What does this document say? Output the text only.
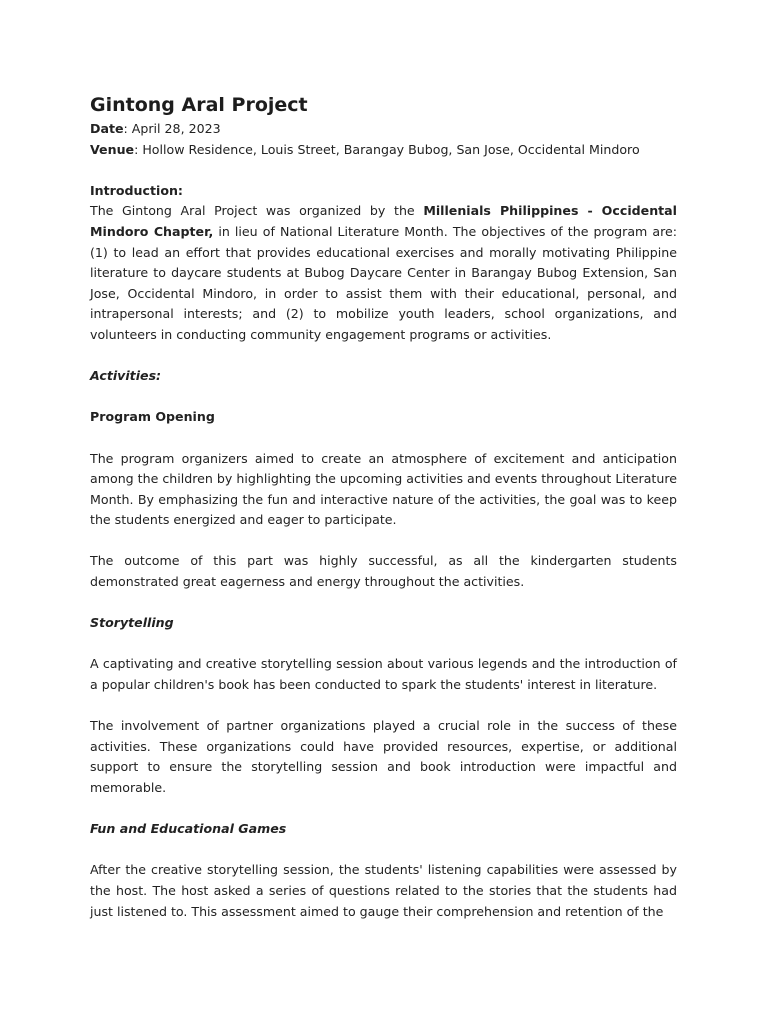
Gintong Aral Project

Date: April 28, 2023

Venue: Hollow Residence, Louis Street, Barangay Bubog, San Jose, Occidental Mindoro

Introduction:

The Gintong Aral Project was organized by the Millenials Philippines - Occidental Mindoro Chapter, in lieu of National Literature Month. The objectives of the program are: (1) to lead an effort that provides educational exercises and morally motivating Philippine literature to daycare students at Bubog Daycare Center in Barangay Bubog Extension, San Jose, Occidental Mindoro, in order to assist them with their educational, personal, and intrapersonal interests; and (2) to mobilize youth leaders, school organizations, and volunteers in conducting community engagement programs or activities.

Activities:

Program Opening

The program organizers aimed to create an atmosphere of excitement and anticipation among the children by highlighting the upcoming activities and events throughout Literature Month. By emphasizing the fun and interactive nature of the activities, the goal was to keep the students energized and eager to participate.

The outcome of this part was highly successful, as all the kindergarten students demonstrated great eagerness and energy throughout the activities.

Storytelling

A captivating and creative storytelling session about various legends and the introduction of a popular children's book has been conducted to spark the students' interest in literature.

The involvement of partner organizations played a crucial role in the success of these activities. These organizations could have provided resources, expertise, or additional support to ensure the storytelling session and book introduction were impactful and memorable.

Fun and Educational Games

After the creative storytelling session, the students' listening capabilities were assessed by the host. The host asked a series of questions related to the stories that the students had just listened to. This assessment aimed to gauge their comprehension and retention of the
